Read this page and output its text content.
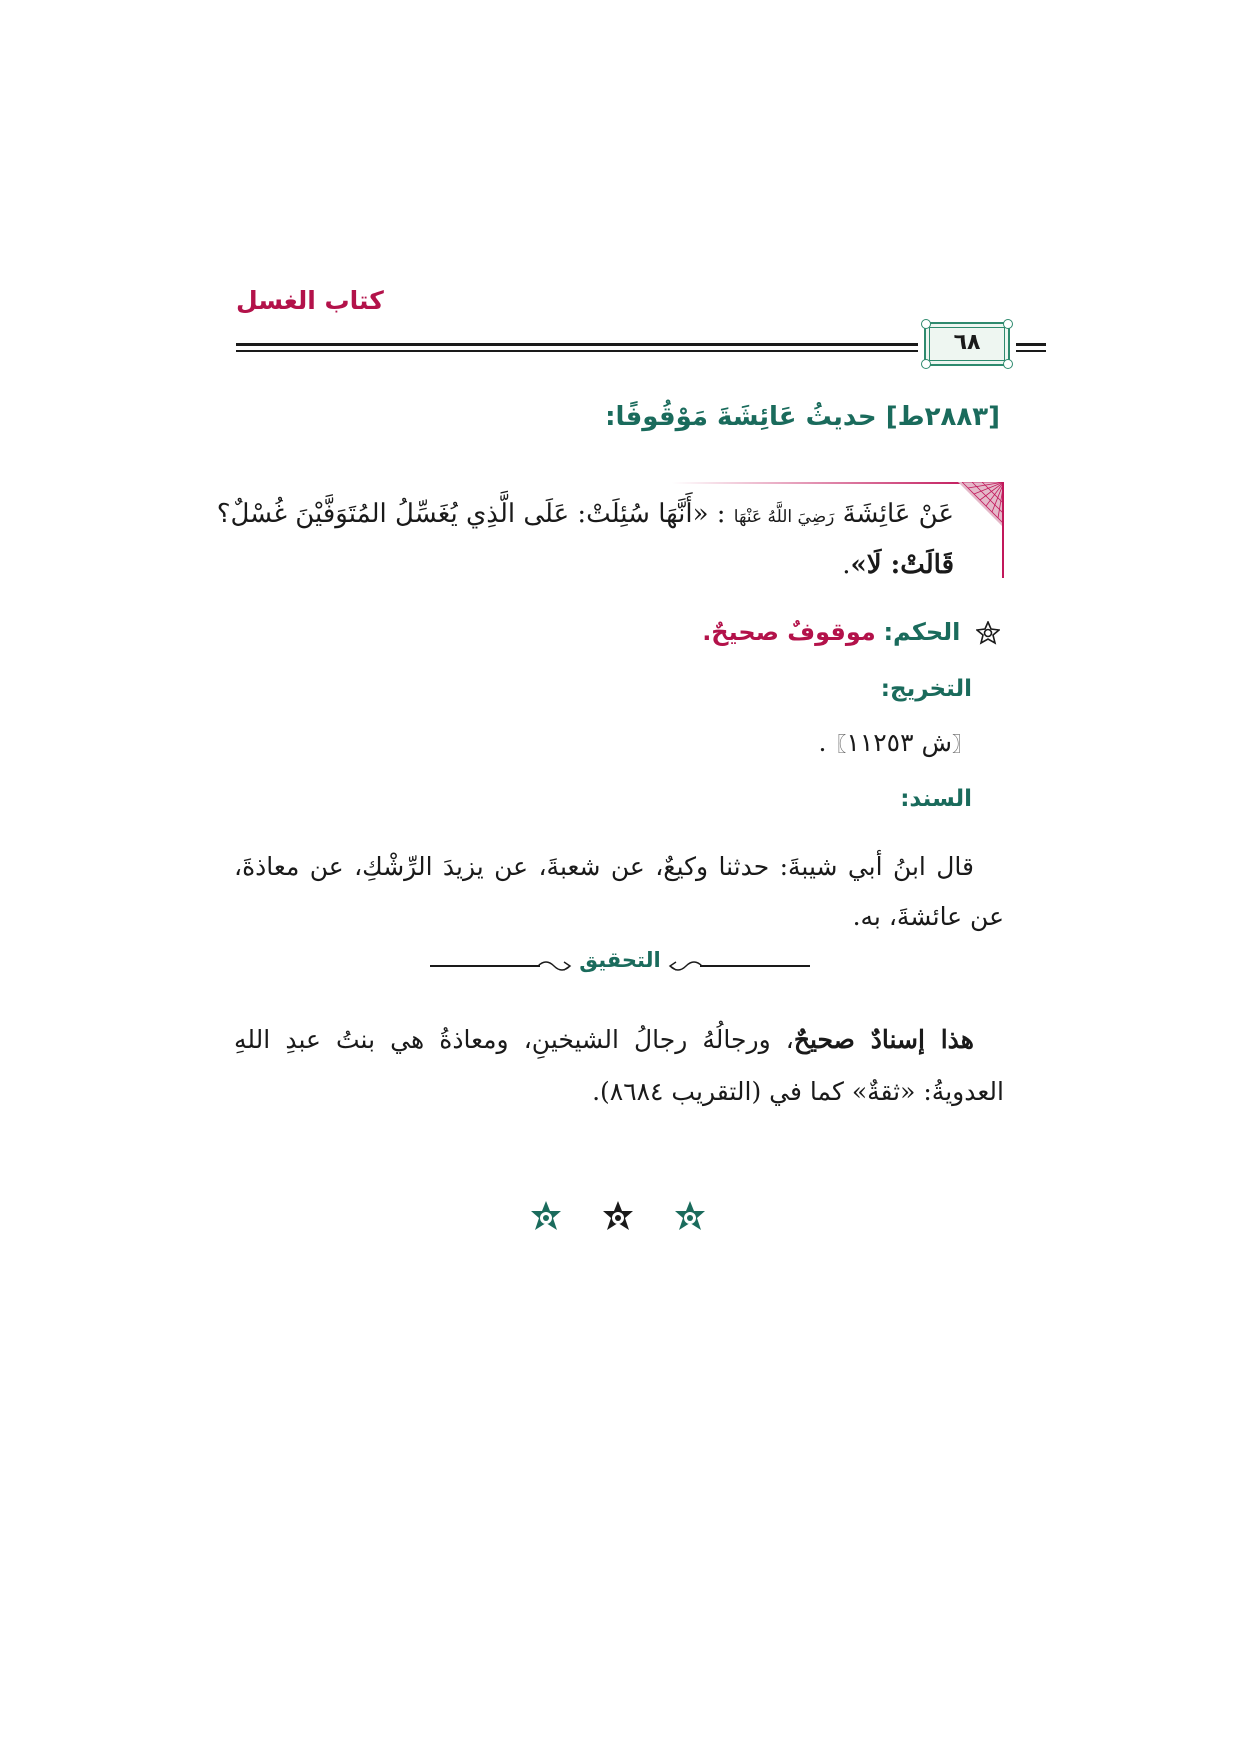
كتاب الغسل
٦٨
[٢٨٨٣ط] حديثُ عَائِشَةَ مَوْقُوفًا:
عَنْ عَائِشَةَ رَضِيَ اللَّهُ عَنْهَا : «أَنَّهَا سُئِلَتْ: عَلَى الَّذِي يُغَسِّلُ المُتَوَفَّيْنَ غُسْلٌ؟
قَالَتْ: لَا».
الحكم: موقوفٌ صحيحٌ.
التخريج:
〖ش ١١٢٥٣〗.
السند:
قال ابنُ أبي شيبةَ: حدثنا وكيعٌ، عن شعبةَ، عن يزيدَ الرِّشْكِ، عن معاذةَ، عن عائشةَ، به.
التحقيق
هذا إسنادٌ صحيحٌ، ورجالُهُ رجالُ الشيخينِ، ومعاذةُ هي بنتُ عبدِ اللهِ العدويةُ: «ثقةٌ» كما في (التقريب ٨٦٨٤).
